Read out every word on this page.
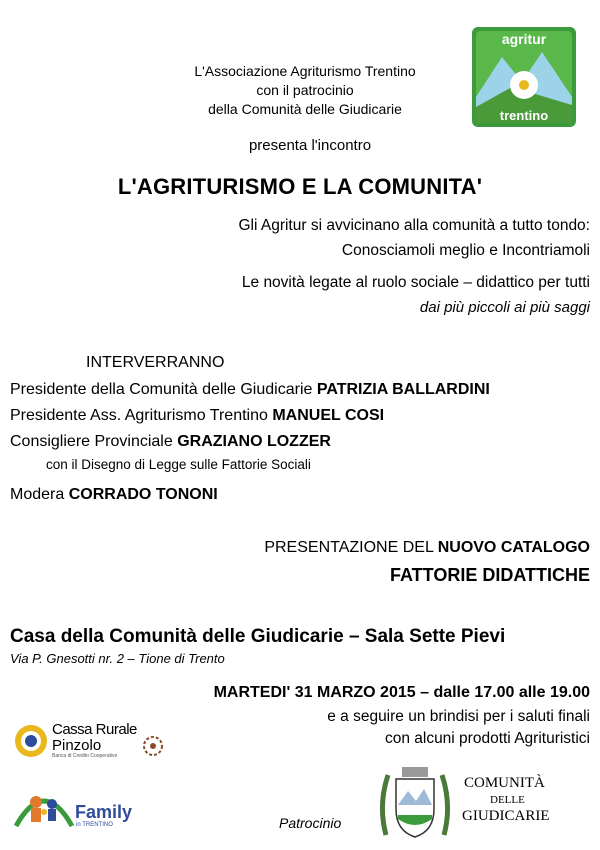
agritur
trentino
L'Associazione Agriturismo Trentino
con il patrocinio
della Comunità delle Giudicarie
presenta l'incontro
L'AGRITURISMO E LA COMUNITA'
Gli Agritur si avvicinano alla comunità a tutto tondo:
Conosciamoli meglio e Incontriamoli
Le novità legate al ruolo sociale – didattico per tutti
dai più piccoli ai più saggi
INTERVERRANNO
Presidente della Comunità delle Giudicarie PATRIZIA BALLARDINI
Presidente Ass. Agriturismo Trentino MANUEL COSI
Consigliere Provinciale GRAZIANO LOZZER
con il Disegno di Legge sulle Fattorie Sociali
Modera CORRADO TONONI
PRESENTAZIONE DEL NUOVO CATALOGO
FATTORIE DIDATTICHE
Casa della Comunità delle Giudicarie – Sala Sette Pievi
Via P. Gnesotti nr. 2 – Tione di Trento
MARTEDI' 31 MARZO 2015 – dalle 17.00 alle 19.00
e a seguire un brindisi per i saluti finali
con alcuni prodotti Agrituristici
Cassa Rurale
Pinzolo
Banca di Credito Cooperativo
Family
in TRENTINO	Patrocinio
COMUNITÀ
DELLE
GIUDICARIE
